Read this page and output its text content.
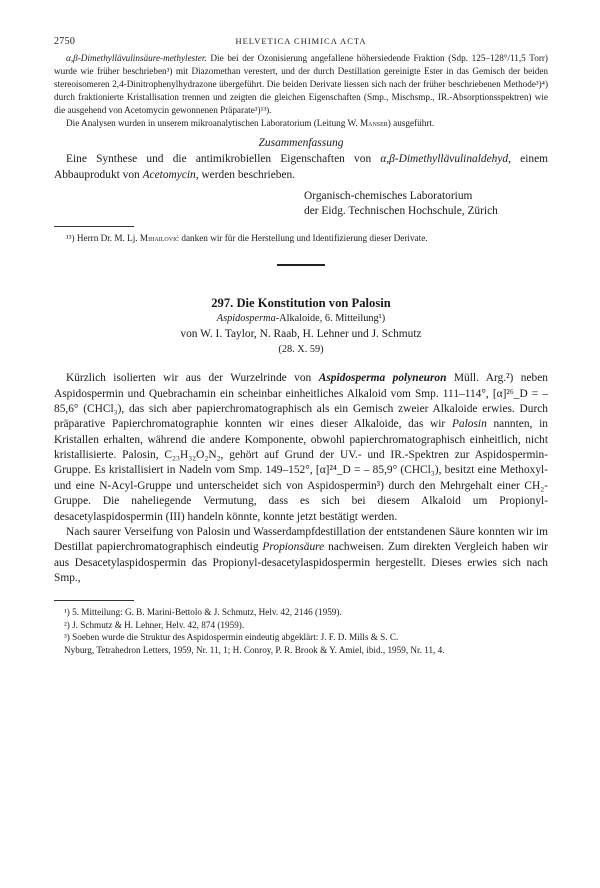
2750	HELVETICA CHIMICA ACTA

α,β-Dimethyllävulinsäure-methylester. Die bei der Ozonisierung angefallene höhersiedende Fraktion (Sdp. 125–128°/11,5 Torr) wurde wie früher beschrieben³) mit Diazomethan verestert, und der durch Destillation gereinigte Ester in das Gemisch der beiden stereoisomeren 2,4-Dinitrophenylhydrazone übergeführt. Die beiden Derivate liessen sich nach der früher beschriebenen Methode³)⁴) durch fraktionierte Kristallisation trennen und zeigten die gleichen Eigenschaften (Smp., Mischsmp., IR.-Absorptionsspektren) wie die ausgehend von Acetomycin gewonnenen Präparate³)¹³).

Die Analysen wurden in unserem mikroanalytischen Laboratorium (Leitung W. Manser) ausgeführt.

Zusammenfassung

Eine Synthese und die antimikrobiellen Eigenschaften von α,β-Dimethyllävulinaldehyd, einem Abbauprodukt von Acetomycin, werden beschrieben.

Organisch-chemisches Laboratorium
der Eidg. Technischen Hochschule, Zürich

¹³) Herrn Dr. M. Lj. Mihailović danken wir für die Herstellung und Identifizierung dieser Derivate.

297. Die Konstitution von Palosin
Aspidosperma-Alkaloide, 6. Mitteilung¹)
von W. I. Taylor, N. Raab, H. Lehner und J. Schmutz
(28. X. 59)

Kürzlich isolierten wir aus der Wurzelrinde von Aspidosperma polyneuron Müll. Arg.²) neben Aspidospermin und Quebrachamin ein scheinbar einheitliches Alkaloid vom Smp. 111–114°, [α]²⁶_D = – 85,6° (CHCl₃), das sich aber papierchromatographisch als ein Gemisch zweier Alkaloide erwies. Durch präparative Papierchromatographie konnten wir eines dieser Alkaloide, das wir Palosin nannten, in Kristallen erhalten, während die andere Komponente, obwohl papierchromatographisch einheitlich, nicht kristallisierte. Palosin, C₂₃H₃₂O₂N₂, gehört auf Grund der UV.- und IR.-Spektren zur Aspidospermin-Gruppe. Es kristallisiert in Nadeln vom Smp. 149–152°, [α]²⁴_D = – 85,9° (CHCl₃), besitzt eine Methoxyl- und eine N-Acyl-Gruppe und unterscheidet sich von Aspidospermin³) durch den Mehrgehalt einer CH₂-Gruppe. Die naheliegende Vermutung, dass es sich bei diesem Alkaloid um Propionyl-desacetylaspidospermin (III) handeln könnte, konnte jetzt bestätigt werden.

Nach saurer Verseifung von Palosin und Wasserdampfdestillation der entstandenen Säure konnten wir im Destillat papierchromatographisch eindeutig Propionsäure nachweisen. Zum direkten Vergleich haben wir aus Desacetylaspidospermin das Propionyl-desacetylaspidospermin hergestellt. Dieses erwies sich nach Smp.,

¹) 5. Mitteilung: G. B. Marini-Bettolo & J. Schmutz, Helv. 42, 2146 (1959).
²) J. Schmutz & H. Lehner, Helv. 42, 874 (1959).
³) Soeben wurde die Struktur des Aspidospermin eindeutig abgeklärt: J. F. D. Mills & S. C.
Nyburg, Tetrahedron Letters, 1959, Nr. 11, 1; H. Conroy, P. R. Brook & Y. Amiel, ibid., 1959, Nr. 11, 4.
